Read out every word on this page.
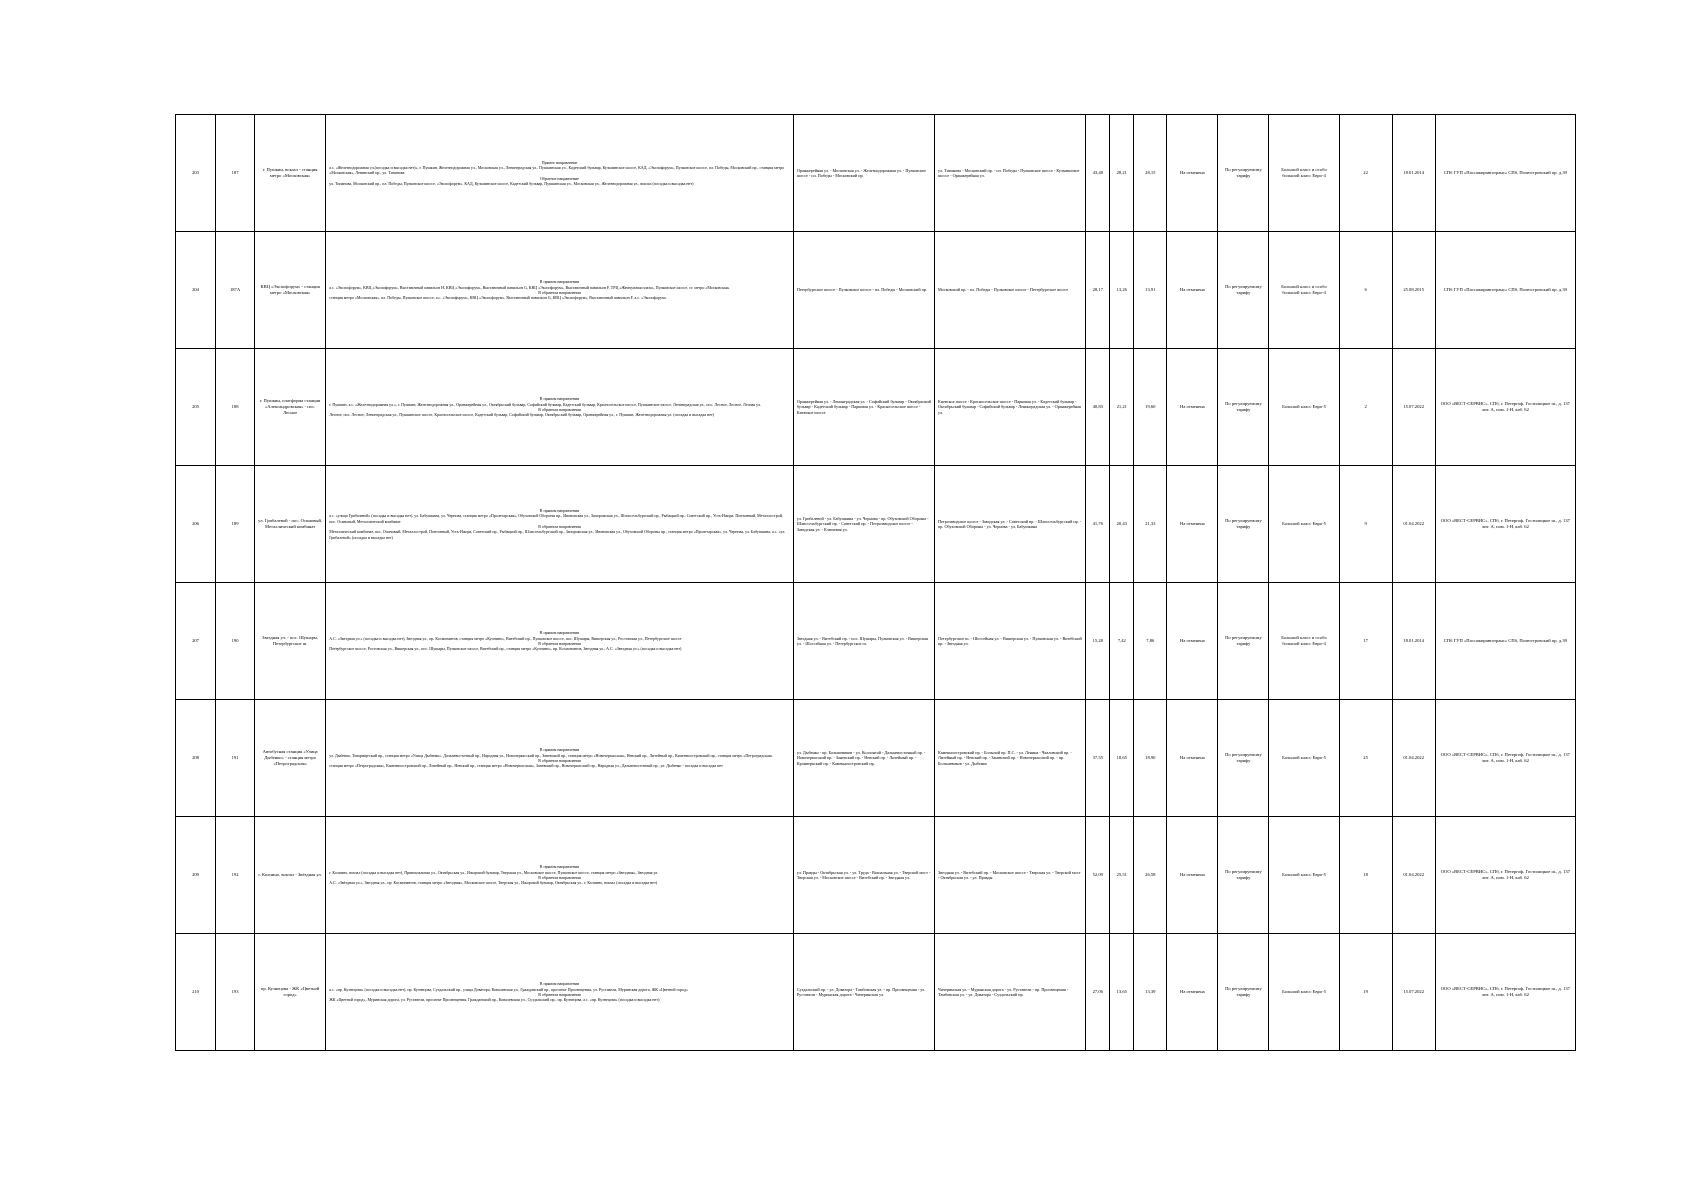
203	187	г. Пушкин, вокзал - станция метро «Московская»	Прямое направление
а.с. «Железнодорожная ул.(посадка и высадка нет)», г. Пушкин, Железнодорожная ул., Московская ул., Ленинградская ул., Пушкинская ул., Кадетский бульвар, Кузьминское шоссе, КАД, «Экспофорум», Пулковское шоссе, пл. Победы, Московский пр., станция метро «Московская», Ленинский пр., ул. Типанова

Обратное направление
ул. Типанова, Московский пр., пл. Победы, Пулковское шоссе, «Экспофорум», КАД, Кузьминское шоссе, Кадетский бульвар, Пушкинская ул., Московская ул., Железнодорожная ул., вокзал (посадка и высадка нет)	Оранжерейная ул. - Московская ул. - Железнодорожная ул. - Пулковское шоссе - пл. Победы - Московский пр.	ул. Типанова - Московский пр. - пл. Победы - Пулковское шоссе - Кузьминское шоссе - Оранжерейная ул.	43,48	28,21	28,15	На отменена	По регулируемому тарифу	Большой класс и особо большой класс Евро-4	22	18.01.2014	СПб ГУП «Пассажиравтотранс» СПб, Полюстровский пр. д.39
204	187А	КВЦ «Экспофорум» - станция метро «Московская»	В прямом направлении
а.с. «Экспофорум», КВЦ «Экспофорум», Выставочный павильон Н, КВЦ «Экспофорум», Выставочный павильон G, КВЦ «Экспофорум», Выставочный павильон F, ТРЦ «Жемчужная плаза», Пулковское шоссе, ст. метро «Московская»

В обратном направлении
станция метро «Московская», пл. Победы, Пулковское шоссе, а.с. «Экспофорум», КВЦ «Экспофорум», Выставочный павильон G, КВЦ «Экспофорум», Выставочный павильон F, а.с. «Экспофорум»	Петербургское шоссе - Пулковское шоссе - пл. Победы - Московский пр.	Московский пр. - пл. Победы - Пулковское шоссе - Петербургское шоссе	28,17	13,26	13,91	На отменена	По регулируемому тарифу	Большой класс и особо большой класс Евро-4	6	25.08.2015	СПб ГУП «Пассажиравтотранс» СПб, Полюстровский пр. д.39
205	188	г. Пушкин, платформа станции «Александровская» - пос. Лесное	В прямом направлении
г. Пушкин, а.с. «Железнодорожная ул.», г. Пушкин, Железнодорожная ул., Оранжерейная ул., Октябрьский бульвар, Софийский бульвар, Кадетский бульвар, Красносельское шоссе, Пушкинское шоссе, Ленинградская ул., пос. Лесное, Лесное, Лесная ул.

В обратном направлении
Лесное, пос. Лесное, Ленинградская ул., Пушкинское шоссе, Красносельское шоссе, Кадетский бульвар, Софийский бульвар, Октябрьский бульвар, Оранжерейная ул., г. Пушкин, Железнодорожная ул. (посадка и высадка нет)	Оранжерейная ул. - Ленинградская ул. - Софийский бульвар - Октябрьский бульвар - Кадетский бульвар - Парковая ул. - Красносельское шоссе - Киевское шоссе	Киевское шоссе - Красносельское шоссе - Парковая ул. - Кадетский бульвар - Октябрьский бульвар - Софийский бульвар - Ленинградская ул. - Оранжерейная ул.	40,83	21,21	19,60	На отменена	По регулируемому тарифу	Большой класс Евро-5	2	15.07.2022	ООО «ВЕСТ-СЕРВИС», СПб, г. Петергоф, Гостилицкое ш., д. 137 лит. А, пом. 1-Н, каб. 62
206	189	ул. Грибалевой - пос. Осиновый, Металлический комбинат	В прямом направлении
а.с. «улица Грибалевой» (посадка и высадка нет), ул. Бабушкина, ул. Чернова, станция метро «Пролетарская», Обуховской Обороны пр., Ивановская ул., Запорожская ул., Шлиссельбургский пр., Рыбацкий пр., Советский пр., Усть-Ижора, Понтонный, Металлострой, пос. Осиновый, Металлический комбинат

В обратном направлении
Металлический комбинат, пос. Осиновый, Металлострой, Понтонный, Усть-Ижора, Советский пр., Рыбацкий пр., Шлиссельбургский пр., Запорожская ул., Ивановская ул., Обуховской Обороны пр., станция метро «Пролетарская», ул. Чернова, ул. Бабушкина, а.с. «ул. Грибалевой» (посадка и высадка нет)	ул. Грибалевой - ул. Бабушкина - ул. Чернова - пр. Обуховской Обороны - Шлиссельбургский пр. - Советский пр. - Петрозаводское шоссе - Заводская ул. - Ключевая ул.	Петрозаводское шоссе - Заводская ул. - Советский пр. - Шлиссельбургский пр. - пр. Обуховской Обороны - ул. Чернова - ул. Бабушкина	41,76	20,43	21,33	На отменена	По регулируемому тарифу	Большой класс Евро-5	9	01.04.2022	ООО «ВЕСТ-СЕРВИС», СПб, г. Петергоф, Гостилицкое ш., д. 137 лит. А, пом. 1-Н, каб. 62
207	190	Звездная ул. - пос. Шушары, Петербургское ш.	В прямом направлении
А.С. «Звездная ул.» (посадка и высадка нет), Звездная ул., пр. Космонавтов, станция метро «Купчино», Витебский пр., Пулковское шоссе, пос. Шушары, Вишерская ул., Ростовская ул., Петербургское шоссе

В обратном направлении
Петербургское шоссе, Ростовская ул., Вишерская ул., пос. Шушары, Пулковское шоссе, Витебский пр., станция метро «Купчино», пр. Космонавтов, Звездная ул., А.С. «Звездная ул.» (посадка и высадка нет)	Звездная ул. - Витебский пр. - пос. Шушары, Пулковская ул. - Вишерская ул. - Шоссейная ул. - Петербургское ш.	Петербургское ш. - Шоссейная ул. - Вишерская ул. - Пулковская ул. - Витебский пр. - Звездная ул.	15,28	7,42	7,86	На отменена	По регулируемому тарифу	Большой класс и особо большой класс Евро-4	17	18.01.2014	СПб ГУП «Пассажиравтотранс» СПб, Полюстровский пр. д.39
208	191	Автобусная станция «Улица Дыбенко» - станция метро «Петроградская»	В прямом направлении
ул. Дыбенко, Товарищеский пр., станция метро «Улица Дыбенко», Дальневосточный пр., Народная ул., Новочеркасский пр., Заневский пр., станция метро «Новочеркасская», Невский пр., Литейный пр., Каменноостровский пр., станция метро «Петроградская»

В обратном направлении
станция метро «Петроградская», Каменноостровский пр., Литейный пр., Невский пр., станция метро «Новочеркасская», Заневский пр., Новочеркасский пр., Народная ул., Дальневосточный пр., ул. Дыбенко - посадка и высадка нет	ул. Дыбенко - пр. Большевиков - ул. Коллонтай - Дальневосточный пр. - Новочеркасский пр. - Заневский пр. - Невский пр. - Литейный пр. - Кронверкский пр. - Каменноостровский пр.	Каменноостровский пр. - Большой пр. П.С. - ул. Ленина - Чкаловский пр. - Литейный пр. - Невский пр. - Заневский пр. - Новочеркасский пр. - пр. Большевиков - ул. Дыбенко	37,55	18,65	18,90	На отменена	По регулируемому тарифу	Большой класс Евро-5	25	01.04.2022	ООО «ВЕСТ-СЕРВИС», СПб, г. Петергоф, Гостилицкое ш., д. 137 лит. А, пом. 1-Н, каб. 62
209	192	г. Колпино, вокзал - Звёздная ул.	В прямом направлении
г. Колпино, вокзал (посадка и высадка нет), Привокзальная ул., Октябрьская ул., Ижорский бульвар, Тверская ул., Московское шоссе, Пулковское шоссе, станция метро «Звездная», Звездная ул.

В обратном направлении
А.С. «Звёздная ул.», Звездная ул., пр. Космонавтов, станция метро «Звездная», Московское шоссе, Тверская ул., Ижорский бульвар, Октябрьская ул., г. Колпино, вокзал (посадка и высадка нет)	ул. Правды - Октябрьская ул. - ул. Труда - Вокзальная ул. - Тверской мост - Тверская ул. - Московское шоссе - Витебский пр. - Звездная ул.	Звездная ул. - Витебский пр. - Московское шоссе - Тверская ул. - Тверской мост - Октябрьская ул. - ул. Правды	52,09	25,51	26,58	На отменена	По регулируемому тарифу	Большой класс Евро-5	18	01.04.2022	ООО «ВЕСТ-СЕРВИС», СПб, г. Петергоф, Гостилицкое ш., д. 137 лит. А, пом. 1-Н, каб. 62
210	193	пр. Кузнецова - ЖК «Цветной город»	В прямом направлении
а.с. «пр. Кузнецова» (посадка и высадка нет), пр. Кузнецова, Суздальский пр., улица Доватора, Ковалевская ул., Гражданский пр., проспект Просвещения, ул. Руставели, Муринская дорога, ЖК «Цветной город»

В обратном направлении
ЖК «Цветной город», Муринская дорога, ул. Руставели, проспект Просвещения, Гражданский пр., Ковалевская ул., Суздальский пр., пр. Кузнецова, а.с. «пр. Кузнецова» (посадка и высадка нет)	Суздальский пр. - ул. Доватора - Тамбовская ул. - пр. Просвещения - ул. Руставели - Муринская дорога - Чичеринская ул.	Чичеринская ул. - Муринская дорога - ул. Руставели - пр. Просвещения - Тамбовская ул. - ул. Доватора - Суздальский пр.	27,06	13,65	13,39	На отменена	По регулируемому тарифу	Большой класс Евро-5	19	15.07.2022	ООО «ВЕСТ-СЕРВИС», СПб, г. Петергоф, Гостилицкое ш., д. 137 лит. А, пом. 1-Н, каб. 62
